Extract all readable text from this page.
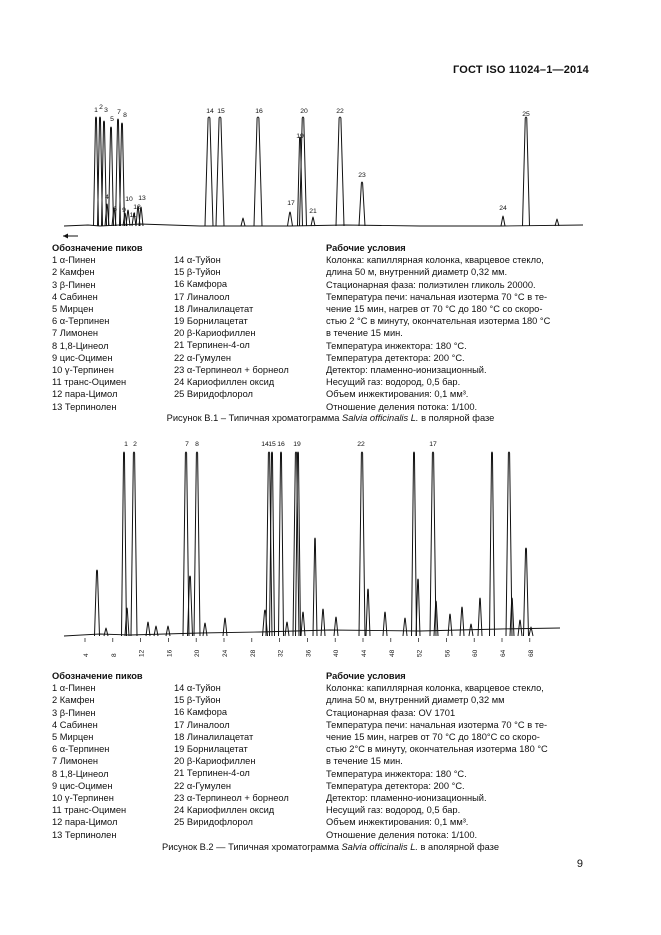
ГОСТ ISO 11024–1—2014
1 2 3
5
7 8
4 10
6 9
11
12
13
14 15	16	20
19
17
21
22
23
24
25
1 2	7 8	14 15 16 19	22	17
4	8	12	16	20	24	28	32	36	40	44	48	52	56	60	64	68
Обозначение пиков
1 α-Пинен
2 Камфен
3 β-Пинен
4 Сабинен
5 Мирцен
6 α-Терпинен
7 Лимонен
8 1,8-Цинеол
9 цис-Оцимен
10 γ-Терпинен
11 транс-Оцимен
12 пара-Цимол
13 Терпинолен
14 α-Туйон
15 β-Туйон
16 Камфора
17 Линалоол
18 Линалилацетат
19 Борнилацетат
20 β-Кариофиллен
21 Терпинен-4-ол
22 α-Гумулен
23 α-Терпинеол + борнеол
24 Кариофиллен оксид
25 Виридофлорол
Рабочие условия
Колонка: капиллярная колонка, кварцевое стекло,
длина 50 м, внутренний диаметр 0,32 мм.
Стационарная фаза: полиэтилен гликоль 20000.
Температура печи: начальная изотерма 70 °С в те-
чение 15 мин, нагрев от 70 °С до 180 °С со скоро-
стью 2 °С в минуту, окончательная изотерма 180 °С
в течение 15 мин.
Температура инжектора: 180 °С.
Температура детектора: 200 °С.
Детектор: пламенно-ионизационный.
Несущий газ: водород, 0,5 бар.
Объем инжектирования: 0,1 мм³.
Отношение деления потока: 1/100.
Рисунок В.1 – Типичная хроматограмма Salvia officinalis L. в полярной фазе
Обозначение пиков
1 α-Пинен
2 Камфен
3 β-Пинен
4 Сабинен
5 Мирцен
6 α-Терпинен
7 Лимонен
8 1,8-Цинеол
9 цис-Оцимен
10 γ-Терпинен
11 транс-Оцимен
12 пара-Цимол
13 Терпинолен
14 α-Туйон
15 β-Туйон
16 Камфора
17 Линалоол
18 Линалилацетат
19 Борнилацетат
20 β-Кариофиллен
21 Терпинен-4-ол
22 α-Гумулен
23 α-Терпинеол + борнеол
24 Кариофиллен оксид
25 Виридофлорол
Рабочие условия
Колонка: капиллярная колонка, кварцевое стекло,
длина 50 м, внутренний диаметр 0,32 мм
Стационарная фаза: OV 1701
Температура печи: начальная изотерма 70 °С в те-
чение 15 мин, нагрев от 70 °С до 180°С со скоро-
стью 2°С в минуту, окончательная изотерма 180 °С
в течение 15 мин.
Температура инжектора: 180 °С.
Температура детектора: 200 °С.
Детектор: пламенно-ионизационный.
Несущий газ: водород, 0,5 бар.
Объем инжектирования: 0,1 мм³.
Отношение деления потока: 1/100.
Рисунок В.2 — Типичная хроматограмма Salvia officinalis L. в аполярной фазе
9
